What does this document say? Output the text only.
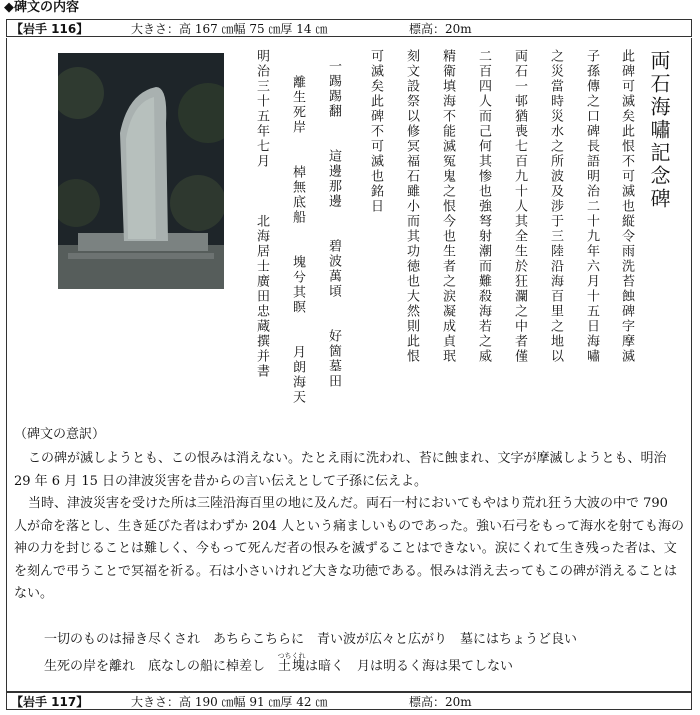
◆碑文の内容
【岩手 116】	大きさ：高 167 ㎝幅 75 ㎝厚 14 ㎝	標高：20m
両石海嘯記念碑
此碑可滅矣此恨不可滅也縦令雨洗苔蝕碑字摩滅
子孫傳之口碑長語明治二十九年六月十五日海嘯
之災當時災水之所波及涉于三陸沿海百里之地以
両石一邨猶喪七百九十人其全生於狂瀾之中者僅
二百四人而己何其惨也強弩射潮而難殺海若之威
精衛填海不能滅冤鬼之恨今也生者之涙凝成貞珉
刻文設祭以修冥福石雖小而其功徳也大然則此恨
可滅矣此碑不可滅也銘日
一踢踢翻　　這邊那邊　　碧波萬頃　　好箇墓田
離生死岸　　棹無底船　　塊兮其瞑　　月朗海天
明治三十五年七月　　　北海居士廣田忠蔵撰并書
（碑文の意訳）

この碑が滅しようとも、この恨みは消えない。たとえ雨に洗われ、苔に蝕まれ、文字が摩滅しようとも、明治 29 年 6 月 15 日の津波災害を昔からの言い伝えとして子孫に伝えよ。

当時、津波災害を受けた所は三陸沿海百里の地に及んだ。両石一村においてもやはり荒れ狂う大波の中で 790 人が命を落とし、生き延びた者はわずか 204 人という痛ましいものであった。強い石弓をもって海水を射ても海の神の力を封じることは難しく、今もって死んだ者の恨みを滅ずることはできない。涙にくれて生き残った者は、文を刻んで弔うことで冥福を祈る。石は小さいけれど大きな功徳である。恨みは消え去ってもこの碑が消えることはない。

一切のものは掃き尽くされ　あちらこちらに　青い波が広々と広がり　墓にはちょうど良い
生死の岸を離れ　底なしの船に棹差し　土塊つちくれは暗く　月は明るく海は果てしない
【岩手 117】	大きさ：高 190 ㎝幅 91 ㎝厚 42 ㎝	標高：20m
